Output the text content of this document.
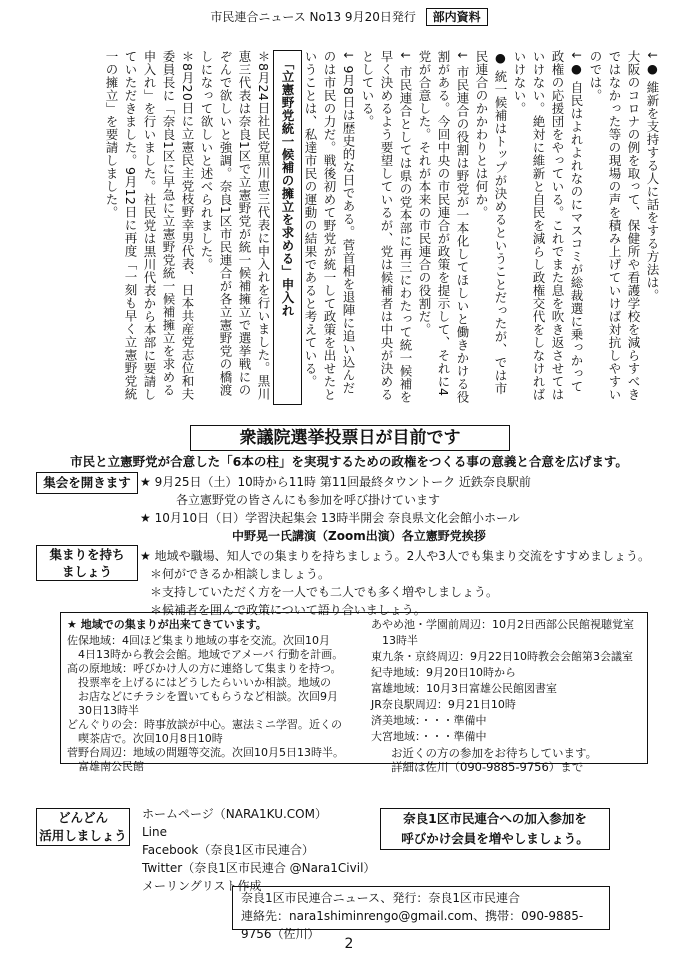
市民連合ニュース No13 9月20日発行 部内資料

↓● 維新を支持する人に話をする方法は。

大阪のコロナの例を取って、保健所や看護学校を減らすべきではなかった等の現場の声を積み上げていけば対抗しやすいのでは。

↓● 自民はよれよれなのにマスコミが総裁選に乗っかって政権の応援団をやっている。これでまた息を吹き返させてはいけない。絶対に維新と自民を減らし政権交代をしなければいけない。

● 統一候補はトップが決めるということだったが、では市民連合のかかわりとは何か。

↓ 市民連合の役割は野党が一本化してほしいと働きかける役割がある。今回中央の市民連合が政策を提示して、それに4党が合意した。それが本来の市民連合の役割だ。

↓ 市民連合としては県の党本部に再三にわたって統一候補を早く決めるよう要望しているが、党は候補者は中央が決めるとしている。

↓ 9月8日は歴史的な日である。菅首相を退陣に追い込んだのは市民の力だ。戦後初めて野党が統一して政策を出せたということは、私達市民の運動の結果であると考えている。

「立憲野党統一候補の擁立を求める」申入れ

＊8月24日社民党黒川恵三代表に申入れを行いました。黒川恵三代表は奈良1区で立憲野党が統一候補擁立で選挙戦にのぞんで欲しいと強調。奈良1区市民連合が各立憲野党の橋渡しになって欲しいと述べられました。

＊8月20日に立憲民主党枝野幸男代表、日本共産党志位和夫委員長に「奈良1区に早急に立憲野党統一候補擁立を求める申入れ」を行いました。社民党は黒川代表から本部に要請していただきました。9月12日に再度「一刻も早く立憲野党統一の擁立」を要請しました。

衆議院選挙投票日が目前です
市民と立憲野党が合意した「6本の柱」を実現するための政権をつくる事の意義と合意を広げます。
集会を開きます ★ 9月25日（土）10時から11時 第11回最終タウントーク 近鉄奈良駅前
各立憲野党の皆さんにも参加を呼び掛けています
★ 10月10日（日）学習決起集会 13時半開会 奈良県文化会館小ホール
中野晃一氏講演（Zoom出演）各立憲野党挨拶
集まりを持ち
ましょう
★ 地域や職場、知人での集まりを持ちましょう。2人や3人でも集まり交流をすすめましょう。
＊何ができるか相談しましょう。
＊支持していただく方を一人でも二人でも多く増やしましょう。
＊候補者を囲んで政策について語り合いましょう。
★ 地域での集まりが出来てきています。
佐保地域：4回ほど集まり地域の事を交流。次回10月
　4日13時から教会会館。地域でアメーバ 行動を計画。
高の原地域：呼びかけ人の方に連絡して集まりを持つ。
　投票率を上げるにはどうしたらいいか相談。地域の
　お店などにチラシを置いてもらうなど相談。次回9月
　30日13時半
どんぐりの会：時事放談が中心。憲法ミニ学習。近くの
　喫茶店で。次回10月8日10時
菅野台周辺：地域の問題等交流。次回10月5日13時半。
　富雄南公民館
あやめ池・学園前周辺：10月2日西部公民館視聴覚室
　13時半
東九条・京終周辺：9月22日10時教会会館第3会議室
紀寺地域：9月20日10時から
富雄地域：10月3日富雄公民館図書室
JR奈良駅周辺：9月21日10時
済美地域：・・・準備中
大宮地域：・・・準備中
お近くの方の参加をお待ちしています。
詳細は佐川（090-9885-9756）まで
どんどん
活用しましょう
ホームページ（NARA1KU.COM）
Line
Facebook（奈良1区市民連合）
Twitter（奈良1区市民連合 @Nara1Civil）
メーリングリスト作成
奈良1区市民連合への加入参加を
呼びかけ会員を増やしましょう。
奈良1区市民連合ニュース、発行：奈良1区市民連合
連絡先：nara1shiminrengo@gmail.com、携帯：090-9885-9756（佐川）
2
